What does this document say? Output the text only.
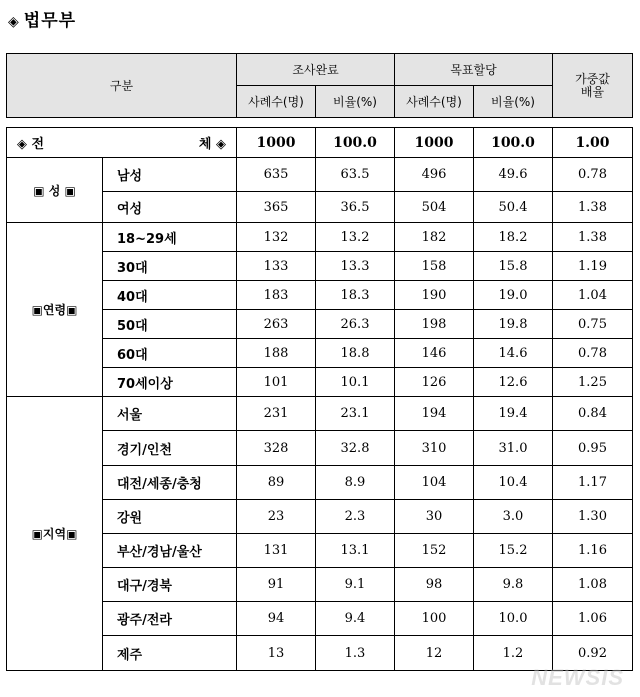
◈ 법무부
구분		조사완료		목표할당		가중값
배율
		사례수(명)	비율(%)	사례수(명)	비율(%)	

◈ 전 체 ◈		1000	100.0	1000	100.0	1.00
▣ 성 ▣	남성	635	63.5	496	49.6	0.78

	여성	365	36.5	504	50.4	1.38
▣연령▣	18~29세	132	13.2	182	18.2	1.38

	30대	133	13.3	158	15.8	1.19

	40대	183	18.3	190	19.0	1.04

	50대	263	26.3	198	19.8	0.75

	60대	188	18.8	146	14.6	0.78

	70세이상	101	10.1	126	12.6	1.25
▣지역▣	서울	231	23.1	194	19.4	0.84

	경기/인천	328	32.8	310	31.0	0.95

	대전/세종/충청	89	8.9	104	10.4	1.17

	강원	23	2.3	30	3.0	1.30

	부산/경남/울산	131	13.1	152	15.2	1.16

	대구/경북	91	9.1	98	9.8	1.08

	광주/전라	94	9.4	100	10.0	1.06

	제주	13	1.3	12	1.2	0.92
NEWSIS
